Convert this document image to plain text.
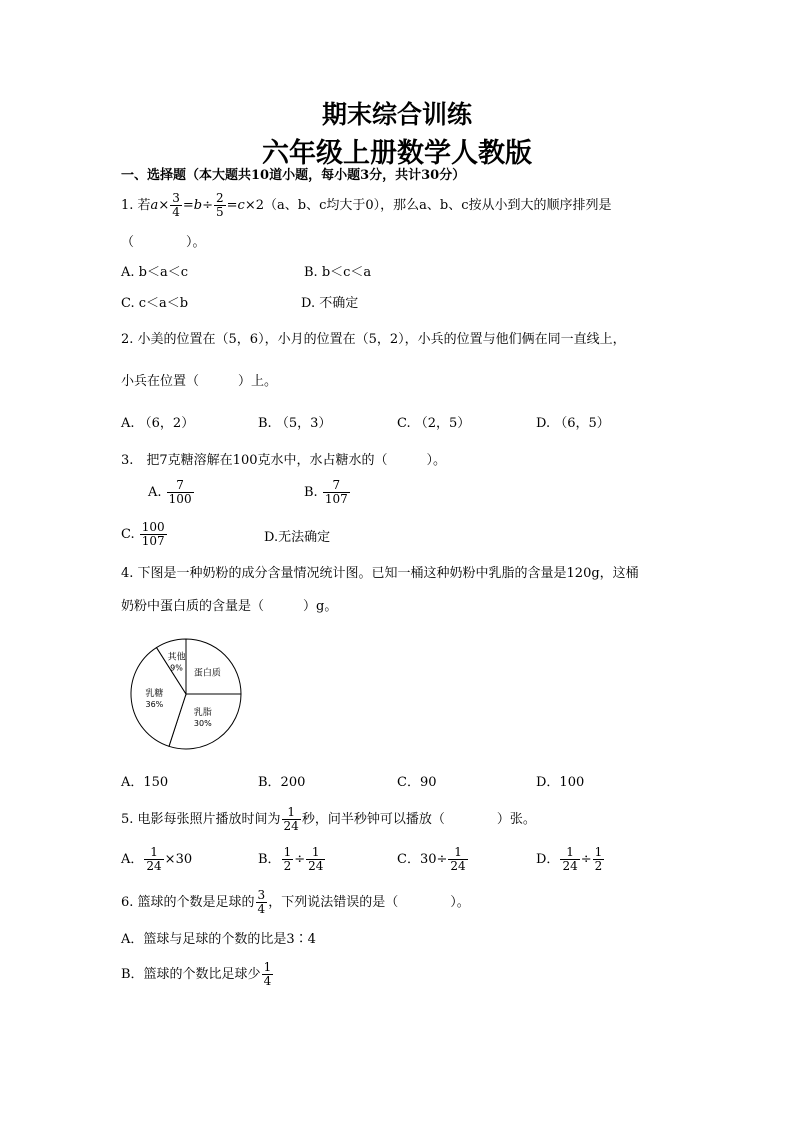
期末综合训练
六年级上册数学人教版
一、选择题（本大题共10道小题，每小题3分，共计30分）
1. 若$a\times \frac{3}{4} =b\div \frac{2}{5} =c\times 2(a$、b、c均大于0），那么a、b、c按从小到大的顺序排列是
（　　　　）。
A. b＜a＜c	B. b＜c＜a
C. c＜a＜b	D. 不确定
2. 小美的位置在（5，6），小月的位置在（5，2），小兵的位置与他们俩在同一直线上，
小兵在位置（　　　）上。
A. （6，2）	B. （5，3）	C. （2，5）	D. （6，5）
3.　把7克糖溶解在100克水中，水占糖水的（　　　）。
A. $\frac{7}{100}$	B. $\frac{7}{107}$
C. $\frac{100}{107}$	D.无法确定
4. 下图是一种奶粉的成分含量情况统计图。已知一桶这种奶粉中乳脂的含量是120g，这桶
奶粉中蛋白质的含量是（　　　）g。
蛋白质
乳脂
30%
乳糖
36%
其他
9%
A．150	B．200	C．90	D．100
5. 电影每张照片播放时间为 $\frac{1}{24}$ 秒，问半秒钟可以播放（　　　　）张。
A． $\frac{1}{24} \times 30$	B． $\frac{1}{2} \div \frac{1}{24}$	C．$30\div \frac{1}{24}$	D． $\frac{1}{24} \div \frac{1}{2}$
6. 篮球的个数是足球的 $\frac{3}{4}$ ，下列说法错误的是（　　　　）。
A．篮球与足球的个数的比是3∶4
B．篮球的个数比足球少 $\frac{1}{4}$
